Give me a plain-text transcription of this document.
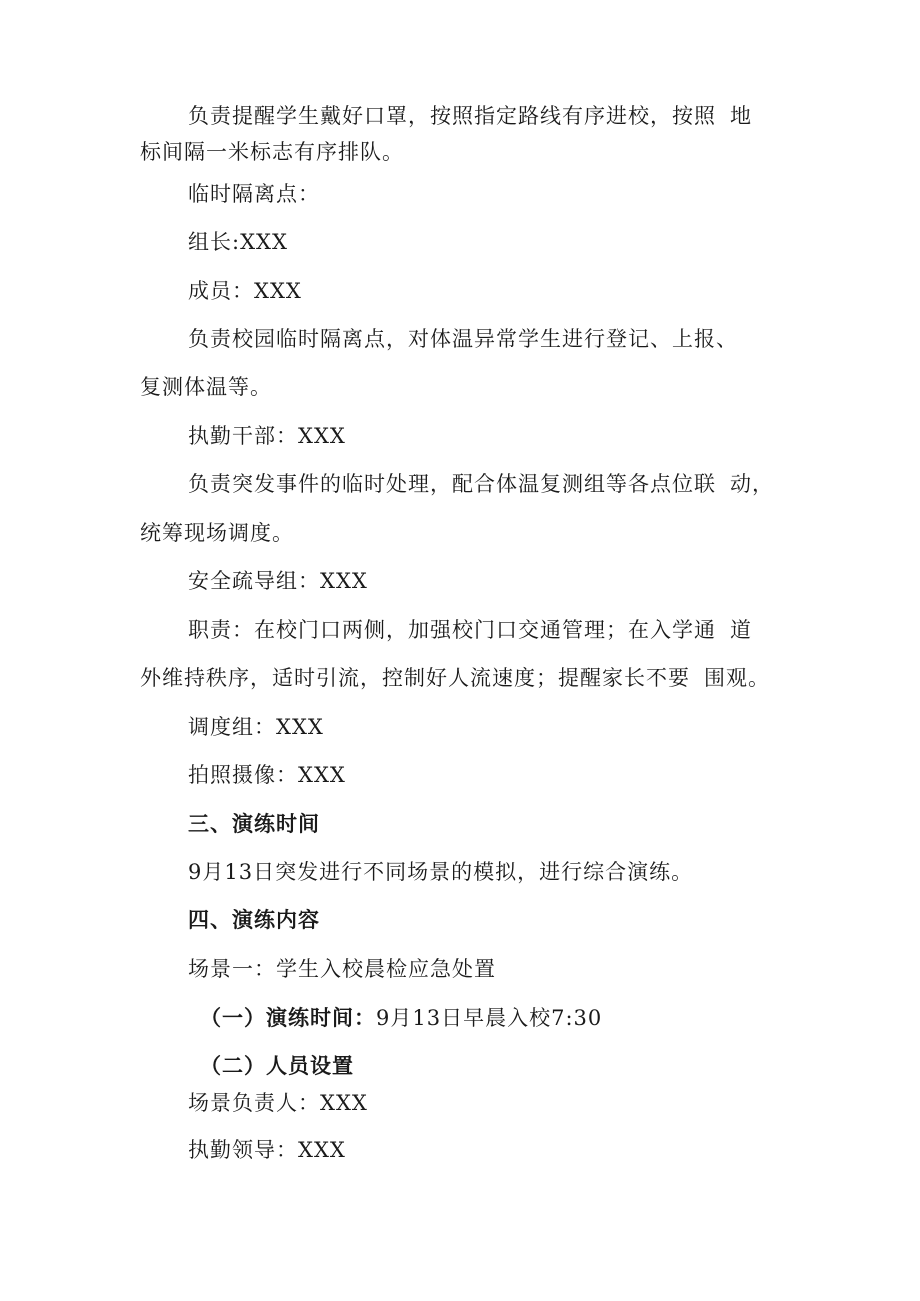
负责提醒学生戴好口罩，按照指定路线有序进校，按照 地
标间隔一米标志有序排队。
临时隔离点：
组长:XXX
成员：XXX
负责校园临时隔离点，对体温异常学生进行登记、上报、
复测体温等。
执勤干部：XXX
负责突发事件的临时处理，配合体温复测组等各点位联 动，
统筹现场调度。
安全疏导组：XXX
职责：在校门口两侧，加强校门口交通管理；在入学通 道
外维持秩序，适时引流，控制好人流速度；提醒家长不要 围观。
调度组：XXX
拍照摄像：XXX
三、演练时间
9月13日突发进行不同场景的模拟，进行综合演练。
四、演练内容
场景一：学生入校晨检应急处置
（一）演练时间：9月13日早晨入校7:30
（二）人员设置
场景负责人：XXX
执勤领导：XXX
